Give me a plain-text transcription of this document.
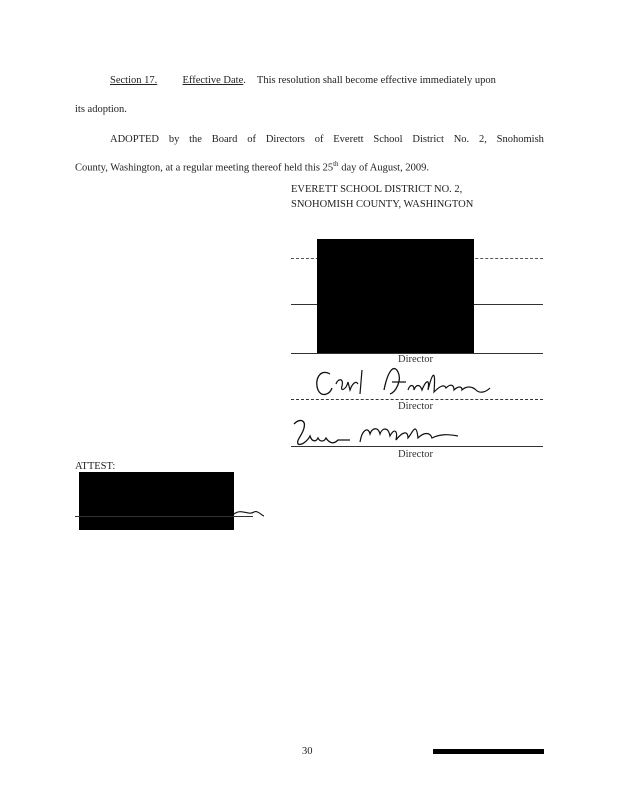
Section 17. Effective Date.  This resolution shall become effective immediately upon
its adoption.
ADOPTED by the Board of Directors of Everett School District No. 2, Snohomish
County, Washington, at a regular meeting thereof held this 25th day of August, 2009.
EVERETT SCHOOL DISTRICT NO. 2,
SNOHOMISH COUNTY, WASHINGTON
Director
Director
Director
ATTEST:
30
